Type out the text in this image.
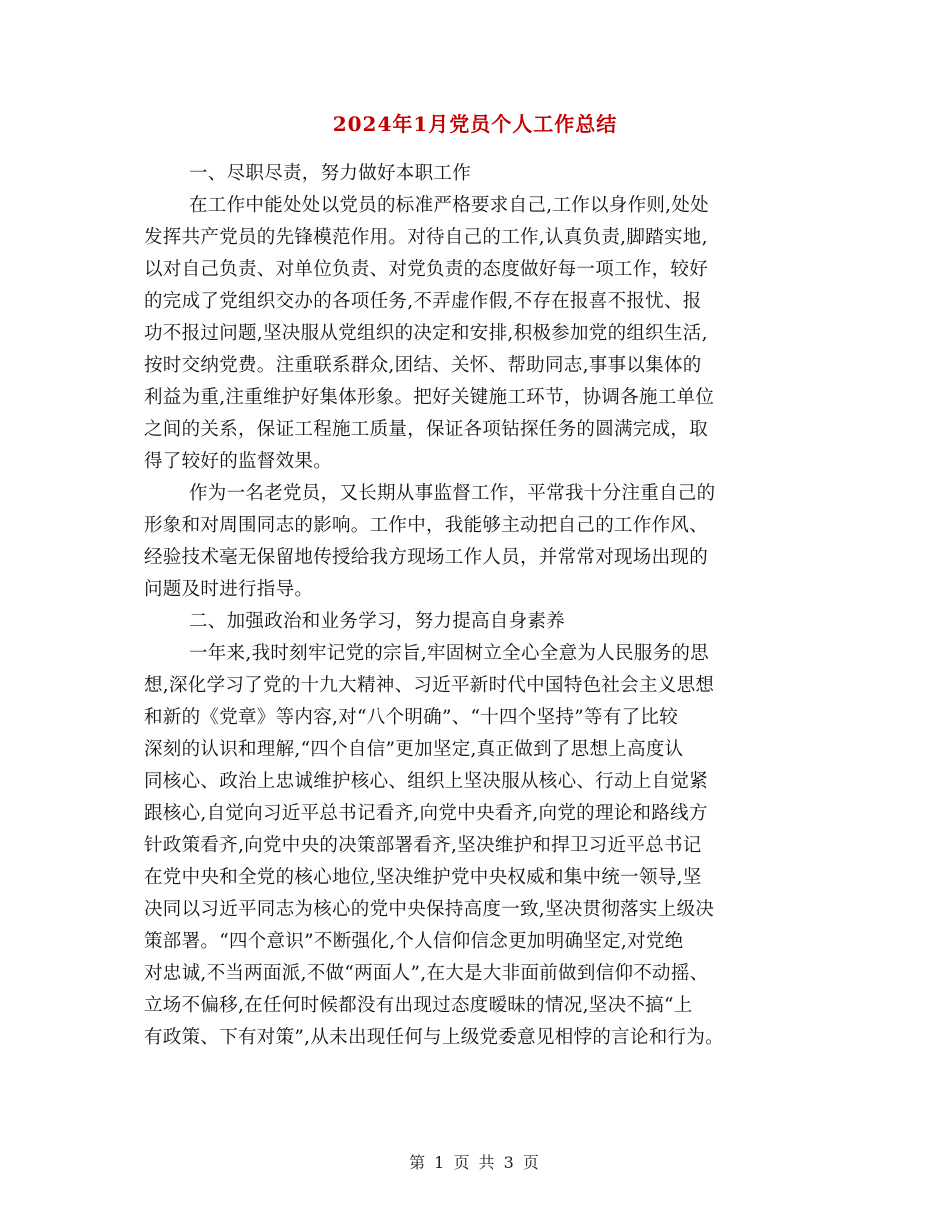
2024年1月党员个人工作总结
一、尽职尽责，努力做好本职工作
在工作中能处处以党员的标准严格要求自己,工作以身作则,处处
发挥共产党员的先锋模范作用。对待自己的工作,认真负责,脚踏实地,
以对自己负责、对单位负责、对党负责的态度做好每一项工作，较好
的完成了党组织交办的各项任务,不弄虚作假,不存在报喜不报忧、报
功不报过问题,坚决服从党组织的决定和安排,积极参加党的组织生活,
按时交纳党费。注重联系群众,团结、关怀、帮助同志,事事以集体的
利益为重,注重维护好集体形象。把好关键施工环节，协调各施工单位
之间的关系，保证工程施工质量，保证各项钻探任务的圆满完成，取
得了较好的监督效果。
作为一名老党员，又长期从事监督工作，平常我十分注重自己的
形象和对周围同志的影响。工作中，我能够主动把自己的工作作风、
经验技术毫无保留地传授给我方现场工作人员，并常常对现场出现的
问题及时进行指导。
二、加强政治和业务学习，努力提高自身素养
一年来,我时刻牢记党的宗旨,牢固树立全心全意为人民服务的思
想,深化学习了党的十九大精神、习近平新时代中国特色社会主义思想
和新的《党章》等内容,对“八个明确”、“十四个坚持”等有了比较
深刻的认识和理解,“四个自信”更加坚定,真正做到了思想上高度认
同核心、政治上忠诚维护核心、组织上坚决服从核心、行动上自觉紧
跟核心,自觉向习近平总书记看齐,向党中央看齐,向党的理论和路线方
针政策看齐,向党中央的决策部署看齐,坚决维护和捍卫习近平总书记
在党中央和全党的核心地位,坚决维护党中央权威和集中统一领导,坚
决同以习近平同志为核心的党中央保持高度一致,坚决贯彻落实上级决
策部署。“四个意识”不断强化,个人信仰信念更加明确坚定,对党绝
对忠诚,不当两面派,不做“两面人”,在大是大非面前做到信仰不动摇、
立场不偏移,在任何时候都没有出现过态度暧昧的情况,坚决不搞“上
有政策、下有对策”,从未出现任何与上级党委意见相悖的言论和行为。
第 1 页 共 3 页
